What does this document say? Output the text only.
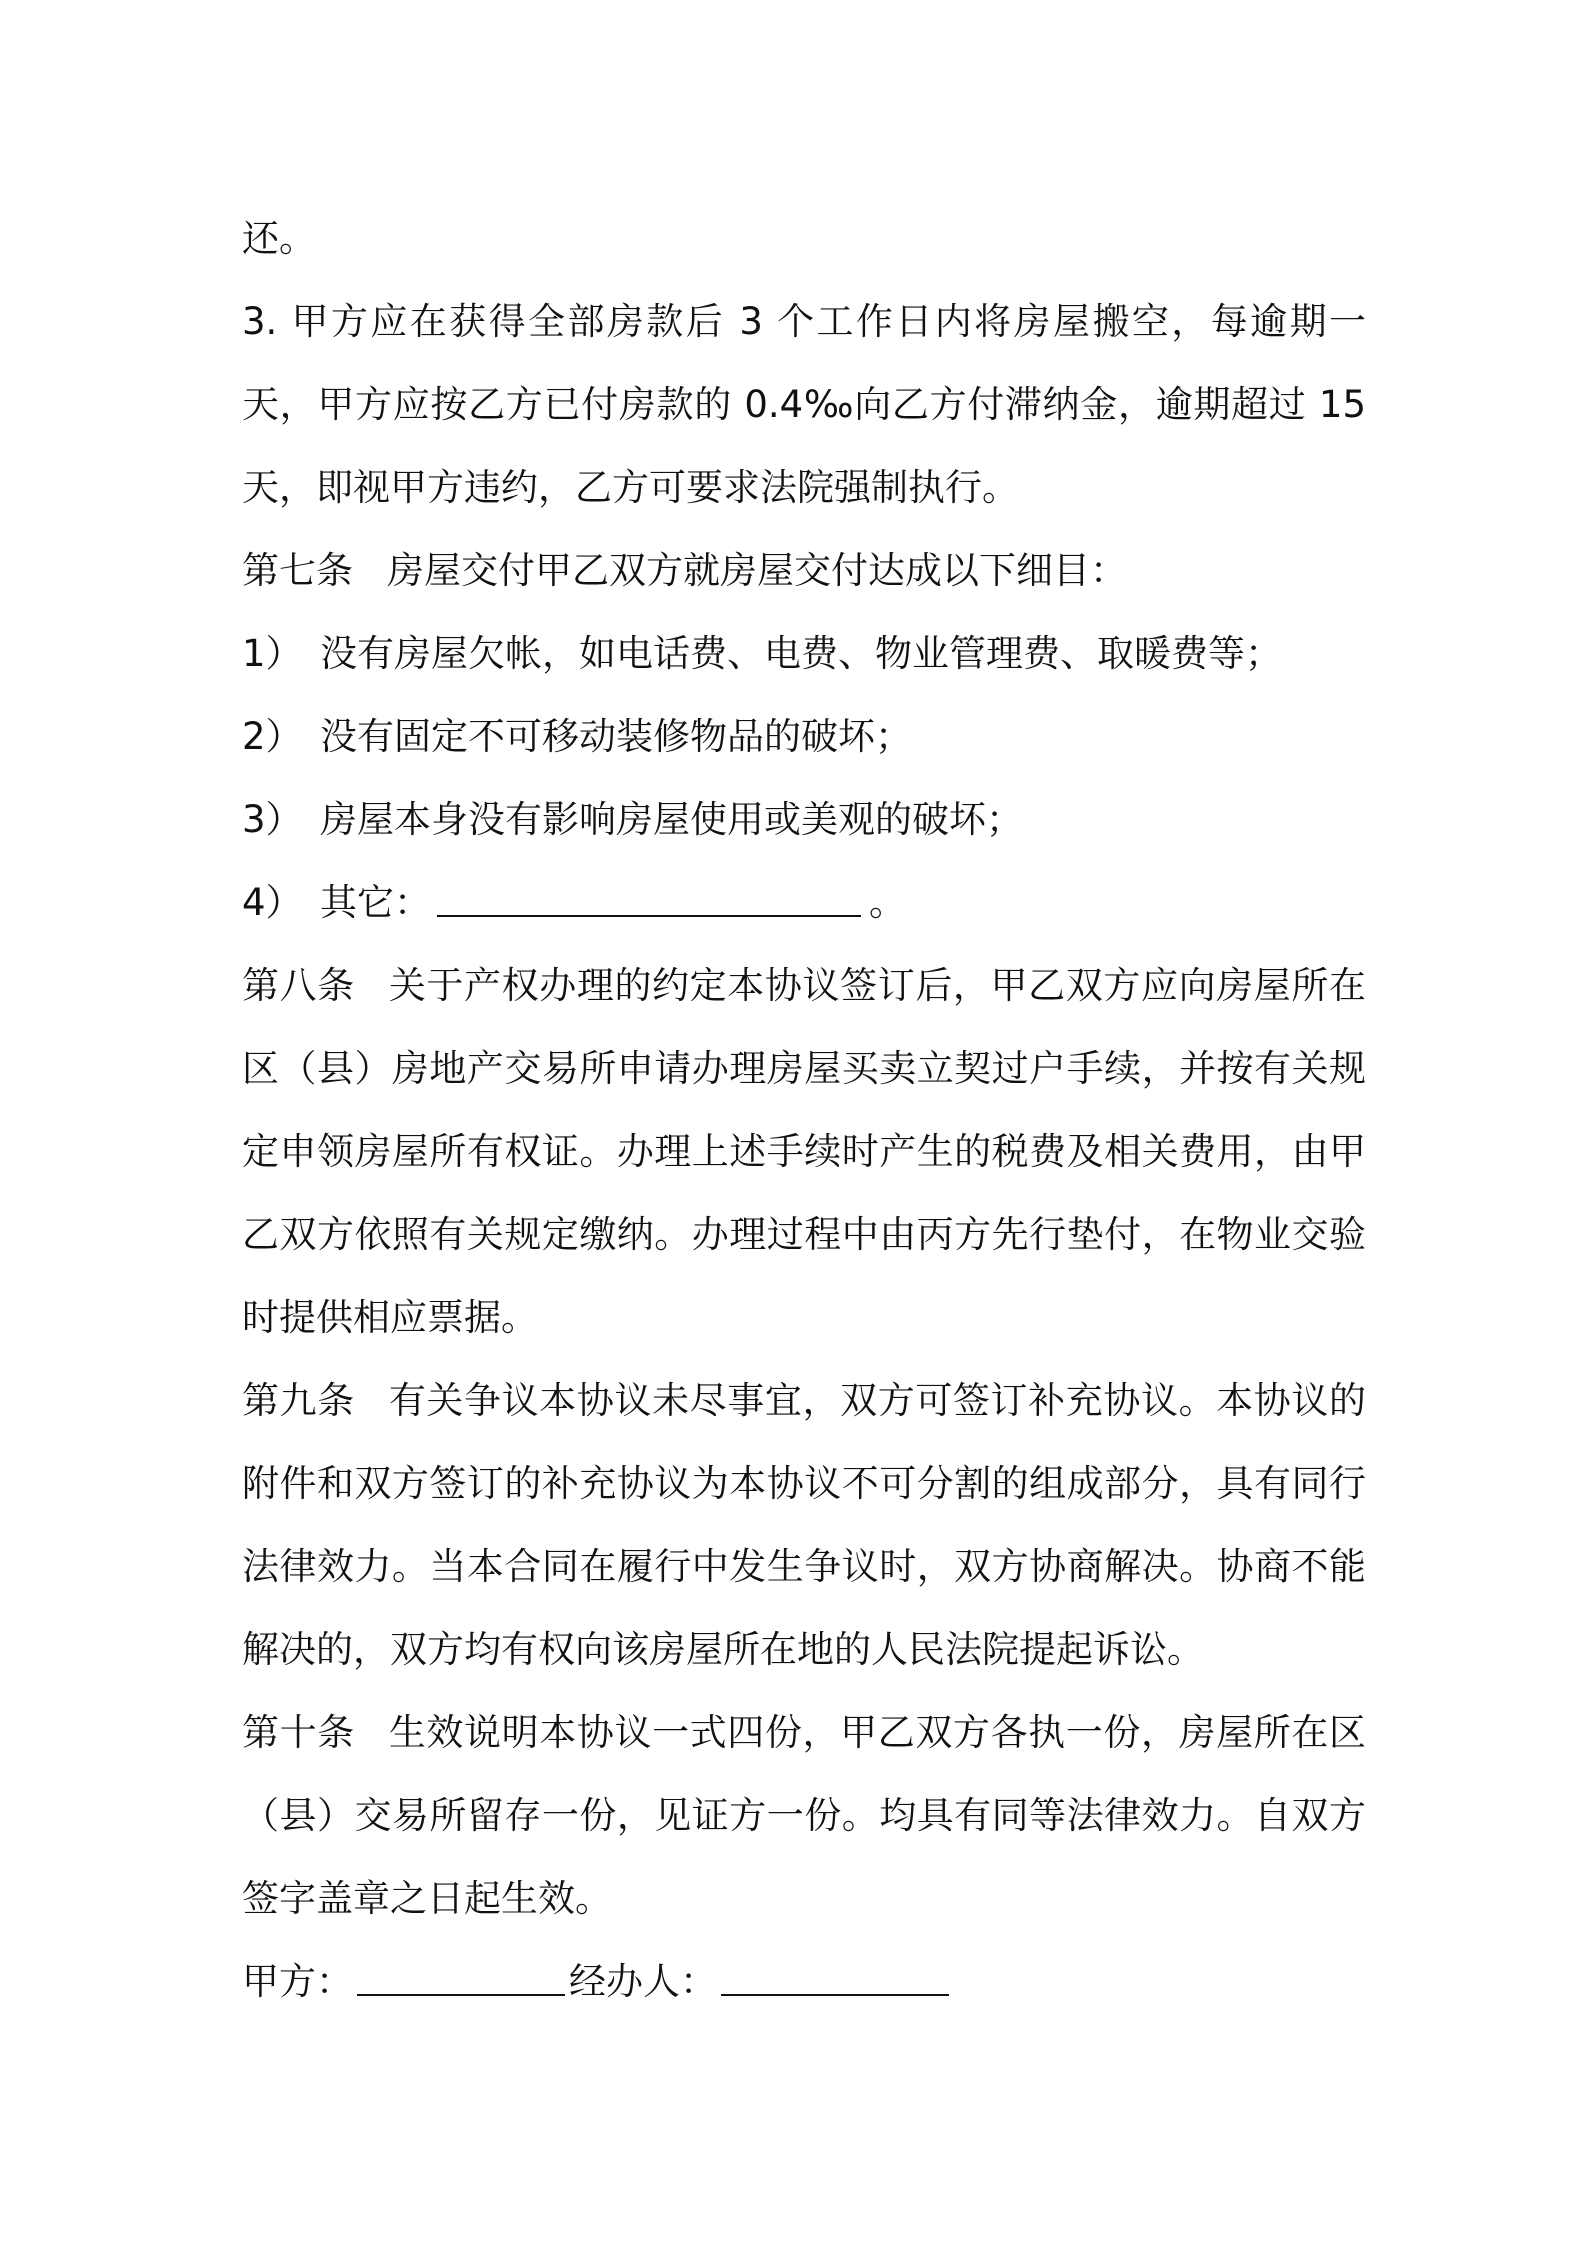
还。

3. 甲方应在获得全部房款后 3 个工作日内将房屋搬空，每逾期一天，甲方应按乙方已付房款的 0.4‰向乙方付滞纳金，逾期超过 15 天，即视甲方违约，乙方可要求法院强制执行。

第七条 房屋交付甲乙双方就房屋交付达成以下细目：

1） 没有房屋欠帐，如电话费、电费、物业管理费、取暖费等；

2） 没有固定不可移动装修物品的破坏；

3） 房屋本身没有影响房屋使用或美观的破坏；

4） 其它：	。

第八条 关于产权办理的约定本协议签订后，甲乙双方应向房屋所在区（县）房地产交易所申请办理房屋买卖立契过户手续，并按有关规定申领房屋所有权证。办理上述手续时产生的税费及相关费用，由甲乙双方依照有关规定缴纳。办理过程中由丙方先行垫付，在物业交验时提供相应票据。

第九条 有关争议本协议未尽事宜，双方可签订补充协议。本协议的附件和双方签订的补充协议为本协议不可分割的组成部分，具有同行法律效力。当本合同在履行中发生争议时，双方协商解决。协商不能解决的，双方均有权向该房屋所在地的人民法院提起诉讼。

第十条 生效说明本协议一式四份，甲乙双方各执一份，房屋所在区（县）交易所留存一份，见证方一份。均具有同等法律效力。自双方签字盖章之日起生效。

甲方：	经办人：
